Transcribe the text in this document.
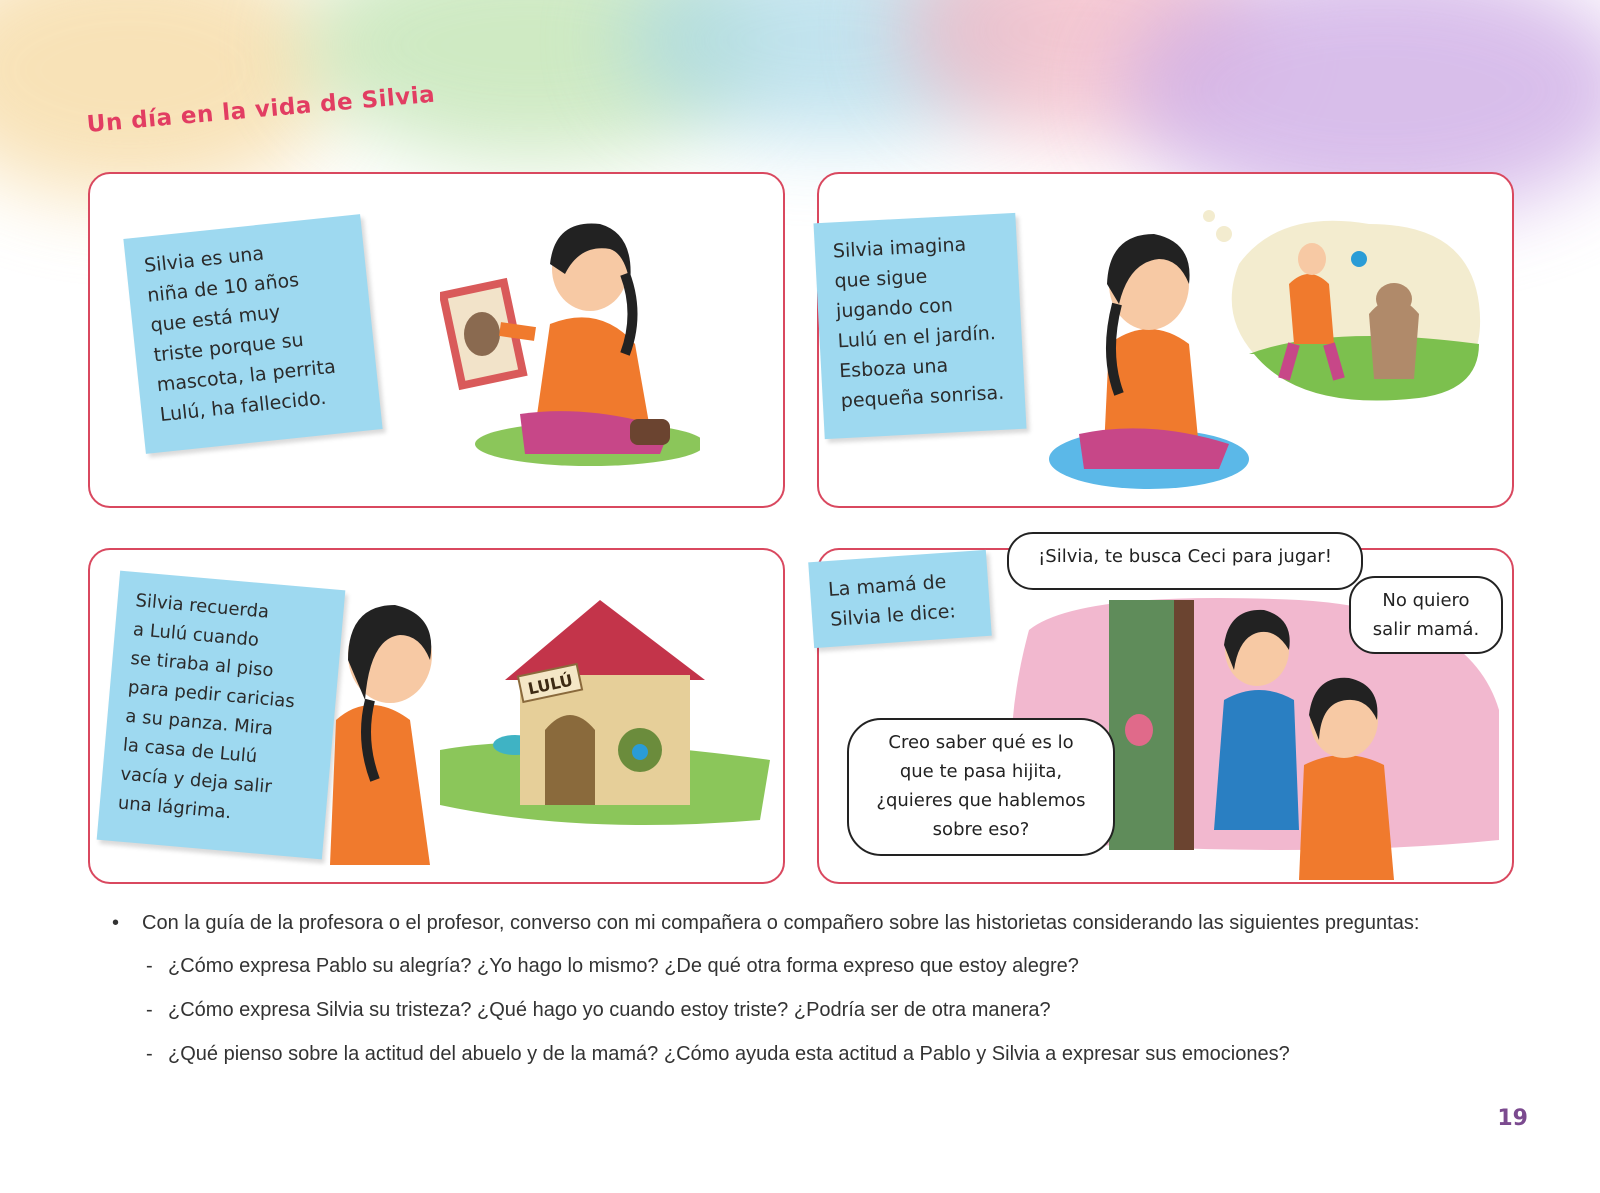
Un día en la vida de Silvia
Silvia es una
niña de 10 años
que está muy
triste porque su
mascota, la perrita
Lulú, ha fallecido.
Silvia imagina
que sigue
jugando con
Lulú en el jardín.
Esboza una
pequeña sonrisa.
Silvia recuerda
a Lulú cuando
se tiraba al piso
para pedir caricias
a su panza. Mira
la casa de Lulú
vacía y deja salir
una lágrima.
LULÚ
La mamá de
Silvia le dice:
¡Silvia, te busca Ceci para jugar!
No quiero
salir mamá.
Creo saber qué es lo
que te pasa hijita,
¿quieres que hablemos
sobre eso?
•	Con la guía de la profesora o el profesor, converso con mi compañera o compañero sobre las historietas considerando las siguientes preguntas:
- ¿Cómo expresa Pablo su alegría? ¿Yo hago lo mismo? ¿De qué otra forma expreso que estoy alegre?
- ¿Cómo expresa Silvia su tristeza? ¿Qué hago yo cuando estoy triste? ¿Podría ser de otra manera?
- ¿Qué pienso sobre la actitud del abuelo y de la mamá? ¿Cómo ayuda esta actitud a Pablo y Silvia a expresar sus emociones?
19
